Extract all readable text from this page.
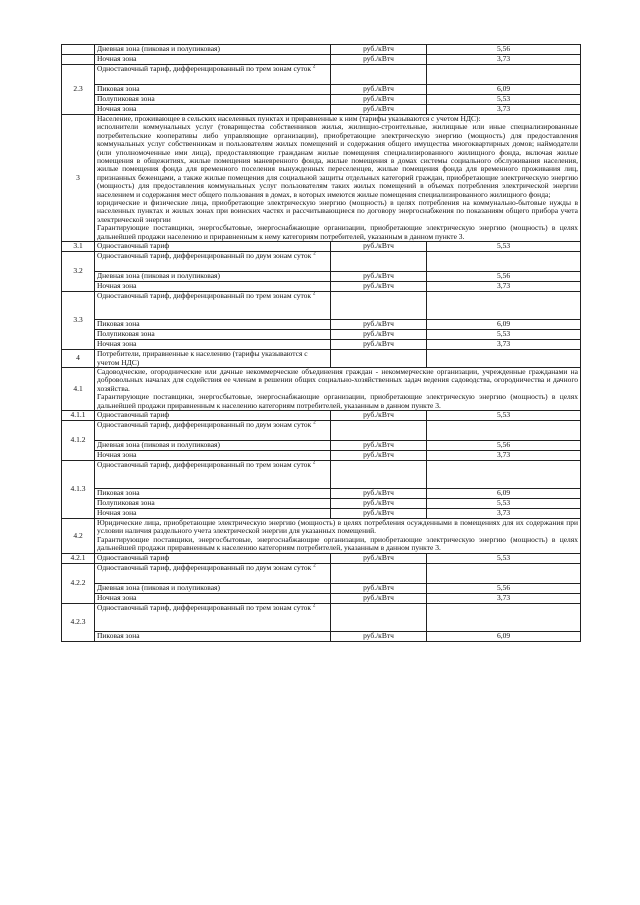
	Дневная зона (пиковая и полупиковая)	руб./кВтч	5,56
	Ночная зона	руб./кВтч	3,73
2.3	Одноставочный тариф, дифференцированный по трем зонам суток $^2$		
	Пиковая зона	руб./кВтч	6,09
	Полупиковая зона	руб./кВтч	5,53
	Ночная зона	руб./кВтч	3,73
3	Население, проживающее в сельских населенных пунктах и приравненные к ним (тарифы указываются с учетом НДС):
исполнители коммунальных услуг (товарищества собственников жилья, жилищно-строительные, жилищные или иные специализированные потребительские кооперативы либо управляющие организации), приобретающие электрическую энергию (мощность) для предоставления коммунальных услуг собственникам и пользователям жилых помещений и содержания общего имущества многоквартирных домов; наймодатели (или уполномоченные ими лица), предоставляющие гражданам жилые помещения специализированного жилищного фонда, включая жилые помещения в общежитиях, жилые помещения маневренного фонда, жилые помещения в домах системы социального обслуживания населения, жилые помещения фонда для временного поселения вынужденных переселенцев, жилые помещения фонда для временного проживания лиц, признанных беженцами, а также жилые помещения для социальной защиты отдельных категорий граждан, приобретающие электрическую энергию (мощность) для предоставления коммунальных услуг пользователям таких жилых помещений в объемах потребления электрической энергии населением и содержания мест общего пользования в домах, в которых имеются жилые помещения специализированного жилищного фонда;
юридические и физические лица, приобретающие электрическую энергию (мощность) в целях потребления на коммунально-бытовые нужды в населенных пунктах и жилых зонах при воинских частях и рассчитывающиеся по договору энергоснабжения по показаниям общего прибора учета электрической энергии
Гарантирующие поставщики, энергосбытовые, энергоснабжающие организации, приобретающие электрическую энергию (мощность) в целях дальнейшей продажи населению и приравненным к нему категориям потребителей, указанным в данном пункте 3.		

3.1	Одноставочный тариф	руб./кВтч	5,53
3.2	Одноставочный тариф, дифференцированный по двум зонам суток $^2$		
	Дневная зона (пиковая и полупиковая)	руб./кВтч	5,56
	Ночная зона	руб./кВтч	3,73
3.3	Одноставочный тариф, дифференцированный по трем зонам суток $^2$		
	Пиковая зона	руб./кВтч	6,09
	Полупиковая зона	руб./кВтч	5,53
	Ночная зона	руб./кВтч	3,73
4	Потребители, приравненные к населению (тарифы указываются с учетом НДС)		
4.1	Садоводческие, огороднические или дачные некоммерческие объединения граждан - некоммерческие организации, учрежденные гражданами на добровольных началах для содействия ее членам в решении общих социально-хозяйственных задач ведения садоводства, огородничества и дачного хозяйства.
Гарантирующие поставщики, энергосбытовые, энергоснабжающие организации, приобретающие электрическую энергию (мощность) в целях дальнейшей продажи приравненным к населению категориям потребителей, указанным в данном пункте 3.		

4.1.1	Одноставочный тариф	руб./кВтч	5,53
4.1.2	Одноставочный тариф, дифференцированный по двум зонам суток $^2$		
	Дневная зона (пиковая и полупиковая)	руб./кВтч	5,56
	Ночная зона	руб./кВтч	3,73
4.1.3	Одноставочный тариф, дифференцированный по трем зонам суток $^2$		
	Пиковая зона	руб./кВтч	6,09
	Полупиковая зона	руб./кВтч	5,53
	Ночная зона	руб./кВтч	3,73
4.2	Юридические лица, приобретающие электрическую энергию (мощность) в целях потребления осужденными в помещениях для их содержания при условии наличия раздельного учета электрической энергии для указанных помещений.
Гарантирующие поставщики, энергосбытовые, энергоснабжающие организации, приобретающие электрическую энергию (мощность) в целях дальнейшей продажи приравненным к населению категориям потребителей, указанным в данном пункте 3.		

4.2.1	Одноставочный тариф	руб./кВтч	5,53
4.2.2	Одноставочный тариф, дифференцированный по двум зонам суток $^2$		
	Дневная зона (пиковая и полупиковая)	руб./кВтч	5,56
	Ночная зона	руб./кВтч	3,73
4.2.3	Одноставочный тариф, дифференцированный по трем зонам суток $^2$		
	Пиковая зона	руб./кВтч	6,09
